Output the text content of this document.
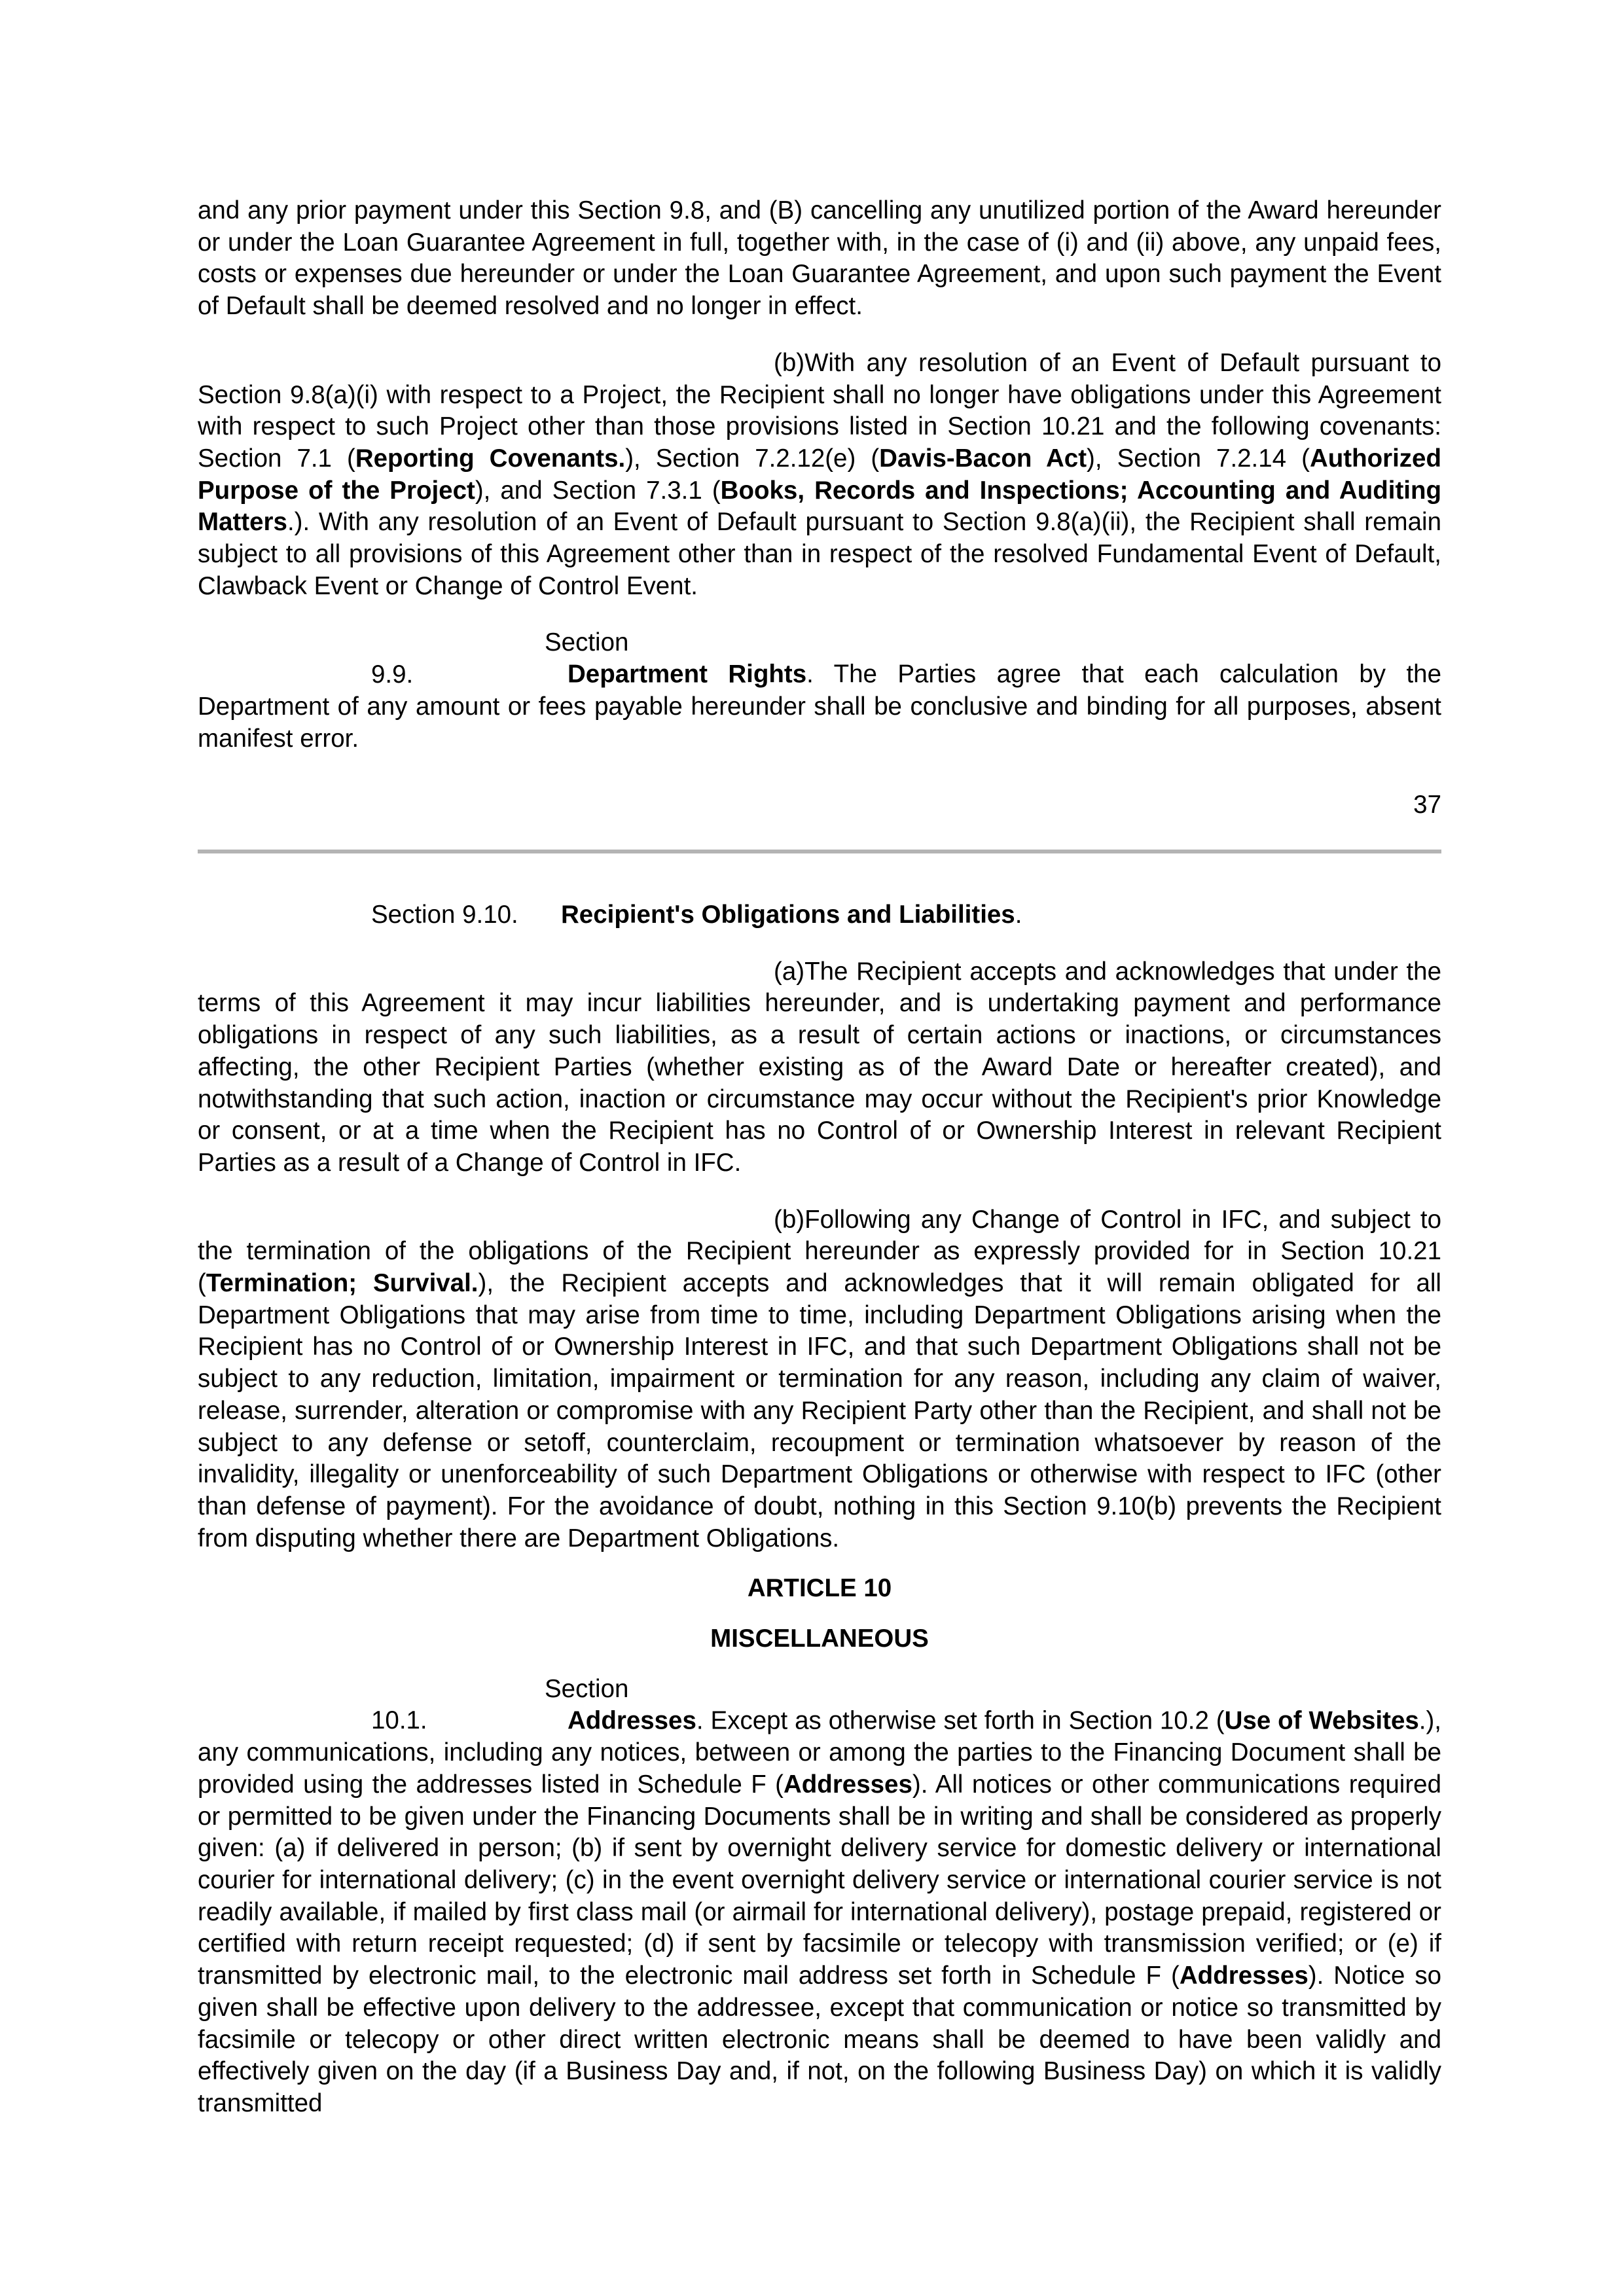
and any prior payment under this Section 9.8, and (B) cancelling any unutilized portion of the Award hereunder or under the Loan Guarantee Agreement in full, together with, in the case of (i) and (ii) above, any unpaid fees, costs or expenses due hereunder or under the Loan Guarantee Agreement, and upon such payment the Event of Default shall be deemed resolved and no longer in effect.

(b)With any resolution of an Event of Default pursuant to Section 9.8(a)(i) with respect to a Project, the Recipient shall no longer have obligations under this Agreement with respect to such Project other than those provisions listed in Section 10.21 and the following covenants: Section 7.1 (Reporting Covenants.), Section 7.2.12(e) (Davis-Bacon Act), Section 7.2.14 (Authorized Purpose of the Project), and Section 7.3.1 (Books, Records and Inspections; Accounting and Auditing Matters.). With any resolution of an Event of Default pursuant to Section 9.8(a)(ii), the Recipient shall remain subject to all provisions of this Agreement other than in respect of the resolved Fundamental Event of Default, Clawback Event or Change of Control Event.

Section 9.9.	Department Rights. The Parties agree that each calculation by the Department of any amount or fees payable hereunder shall be conclusive and binding for all purposes, absent manifest error.

37

Section 9.10. Recipient's Obligations and Liabilities.

(a)The Recipient accepts and acknowledges that under the terms of this Agreement it may incur liabilities hereunder, and is undertaking payment and performance obligations in respect of any such liabilities, as a result of certain actions or inactions, or circumstances affecting, the other Recipient Parties (whether existing as of the Award Date or hereafter created), and notwithstanding that such action, inaction or circumstance may occur without the Recipient's prior Knowledge or consent, or at a time when the Recipient has no Control of or Ownership Interest in relevant Recipient Parties as a result of a Change of Control in IFC.

(b)Following any Change of Control in IFC, and subject to the termination of the obligations of the Recipient hereunder as expressly provided for in Section 10.21 (Termination; Survival.), the Recipient accepts and acknowledges that it will remain obligated for all Department Obligations that may arise from time to time, including Department Obligations arising when the Recipient has no Control of or Ownership Interest in IFC, and that such Department Obligations shall not be subject to any reduction, limitation, impairment or termination for any reason, including any claim of waiver, release, surrender, alteration or compromise with any Recipient Party other than the Recipient, and shall not be subject to any defense or setoff, counterclaim, recoupment or termination whatsoever by reason of the invalidity, illegality or unenforceability of such Department Obligations or otherwise with respect to IFC (other than defense of payment). For the avoidance of doubt, nothing in this Section 9.10(b) prevents the Recipient from disputing whether there are Department Obligations.

ARTICLE 10

MISCELLANEOUS

Section 10.1.	Addresses. Except as otherwise set forth in Section 10.2 (Use of Websites.), any communications, including any notices, between or among the parties to the Financing Document shall be provided using the addresses listed in Schedule F (Addresses). All notices or other communications required or permitted to be given under the Financing Documents shall be in writing and shall be considered as properly given: (a) if delivered in person; (b) if sent by overnight delivery service for domestic delivery or international courier for international delivery; (c) in the event overnight delivery service or international courier service is not readily available, if mailed by first class mail (or airmail for international delivery), postage prepaid, registered or certified with return receipt requested; (d) if sent by facsimile or telecopy with transmission verified; or (e) if transmitted by electronic mail, to the electronic mail address set forth in Schedule F (Addresses). Notice so given shall be effective upon delivery to the addressee, except that communication or notice so transmitted by facsimile or telecopy or other direct written electronic means shall be deemed to have been validly and effectively given on the day (if a Business Day and, if not, on the following Business Day) on which it is validly transmitted
